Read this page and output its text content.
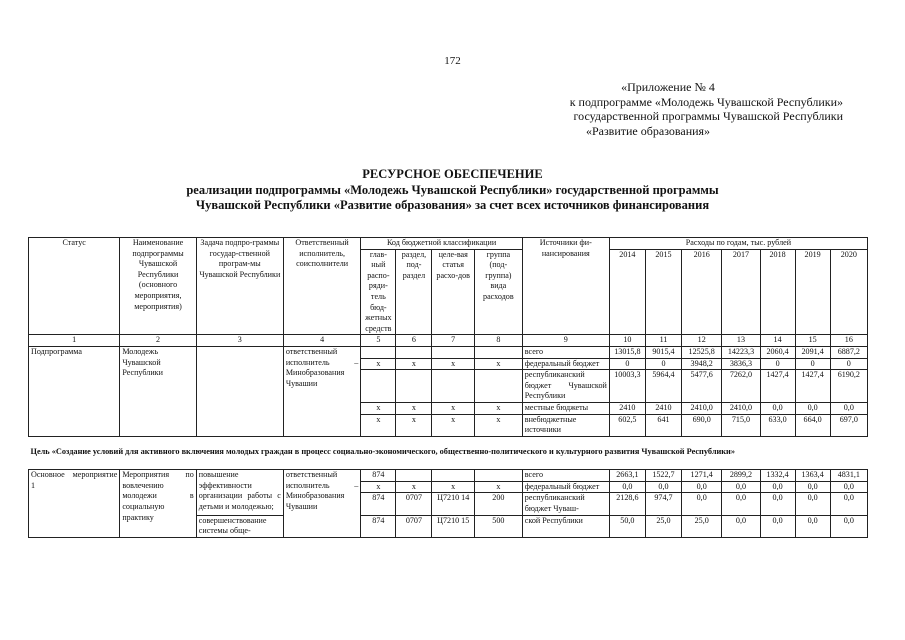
172
«Приложение № 4
к подпрограмме «Молодежь Чувашской Республики»
государственной программы Чувашской Республики
«Развитие образования»
РЕСУРСНОЕ ОБЕСПЕЧЕНИЕ
реализации подпрограммы «Молодежь Чувашской Республики» государственной программы
Чувашской Республики «Развитие образования» за счет всех источников финансирования
Статус	Наименование подпрограммы Чувашской Республики (основного мероприятия, мероприятия)	Задача подпро-граммы государ-ственной програм-мы Чувашской Республики	Ответственный исполнитель, соисполнители	Код бюджетной классификации				Источники фи-нансирования	Расходы по годам, тыс. рублей						
				глав-ный распо-ряди-тель бюд-жетных средств	раздел, под-раздел	целе-вая статья расхо-дов	группа (под-группа) вида расходов		2014	2015	2016	2017	2018	2019	2020
1	2	3	4	5	6	7	8	9	10	11	12	13	14	15	16
Подпрограмма	Молодежь Чувашской Республики		ответственный исполнитель – Минобразования Чувашии					всего	13015,8	9015,4	12525,8	14223,3	2060,4	2091,4	6887,2
				x	x	x	x	федеральный бюджет	0	0	3948,2	3836,3	0	0	0
								республиканский бюджет Чувашской Республики	10003,3	5964,4	5477,6	7262,0	1427,4	1427,4	6190,2
				x	x	x	x	местные бюджеты	2410	2410	2410,0	2410,0	0,0	0,0	0,0
				x	x	x	x	внебюджетные источники	602,5	641	690,0	715,0	633,0	664,0	697,0
Цель «Создание условий для активного включения молодых граждан в процесс социально-экономического, общественно-политического и культурного развития Чувашской Республики»															
Основное мероприятие 1	Мероприятия по вовлечению молодежи в социальную практику	повышение эффективности организации работы с детьми и молодежью;	ответственный исполнитель – Минобразования Чувашии	874				всего	2663,1	1522,7	1271,4	2899,2	1332,4	1363,4	4831,1
				x	x	x	x	федеральный бюджет	0,0	0,0	0,0	0,0	0,0	0,0	0,0
				874	0707	Ц7210 14	200	республиканский бюджет Чуваш-	2128,6	974,7	0,0	0,0	0,0	0,0	0,0
		совершенствование системы обще-		874	0707	Ц7210 15	500	ской Республики	50,0	25,0	25,0	0,0	0,0	0,0	0,0
